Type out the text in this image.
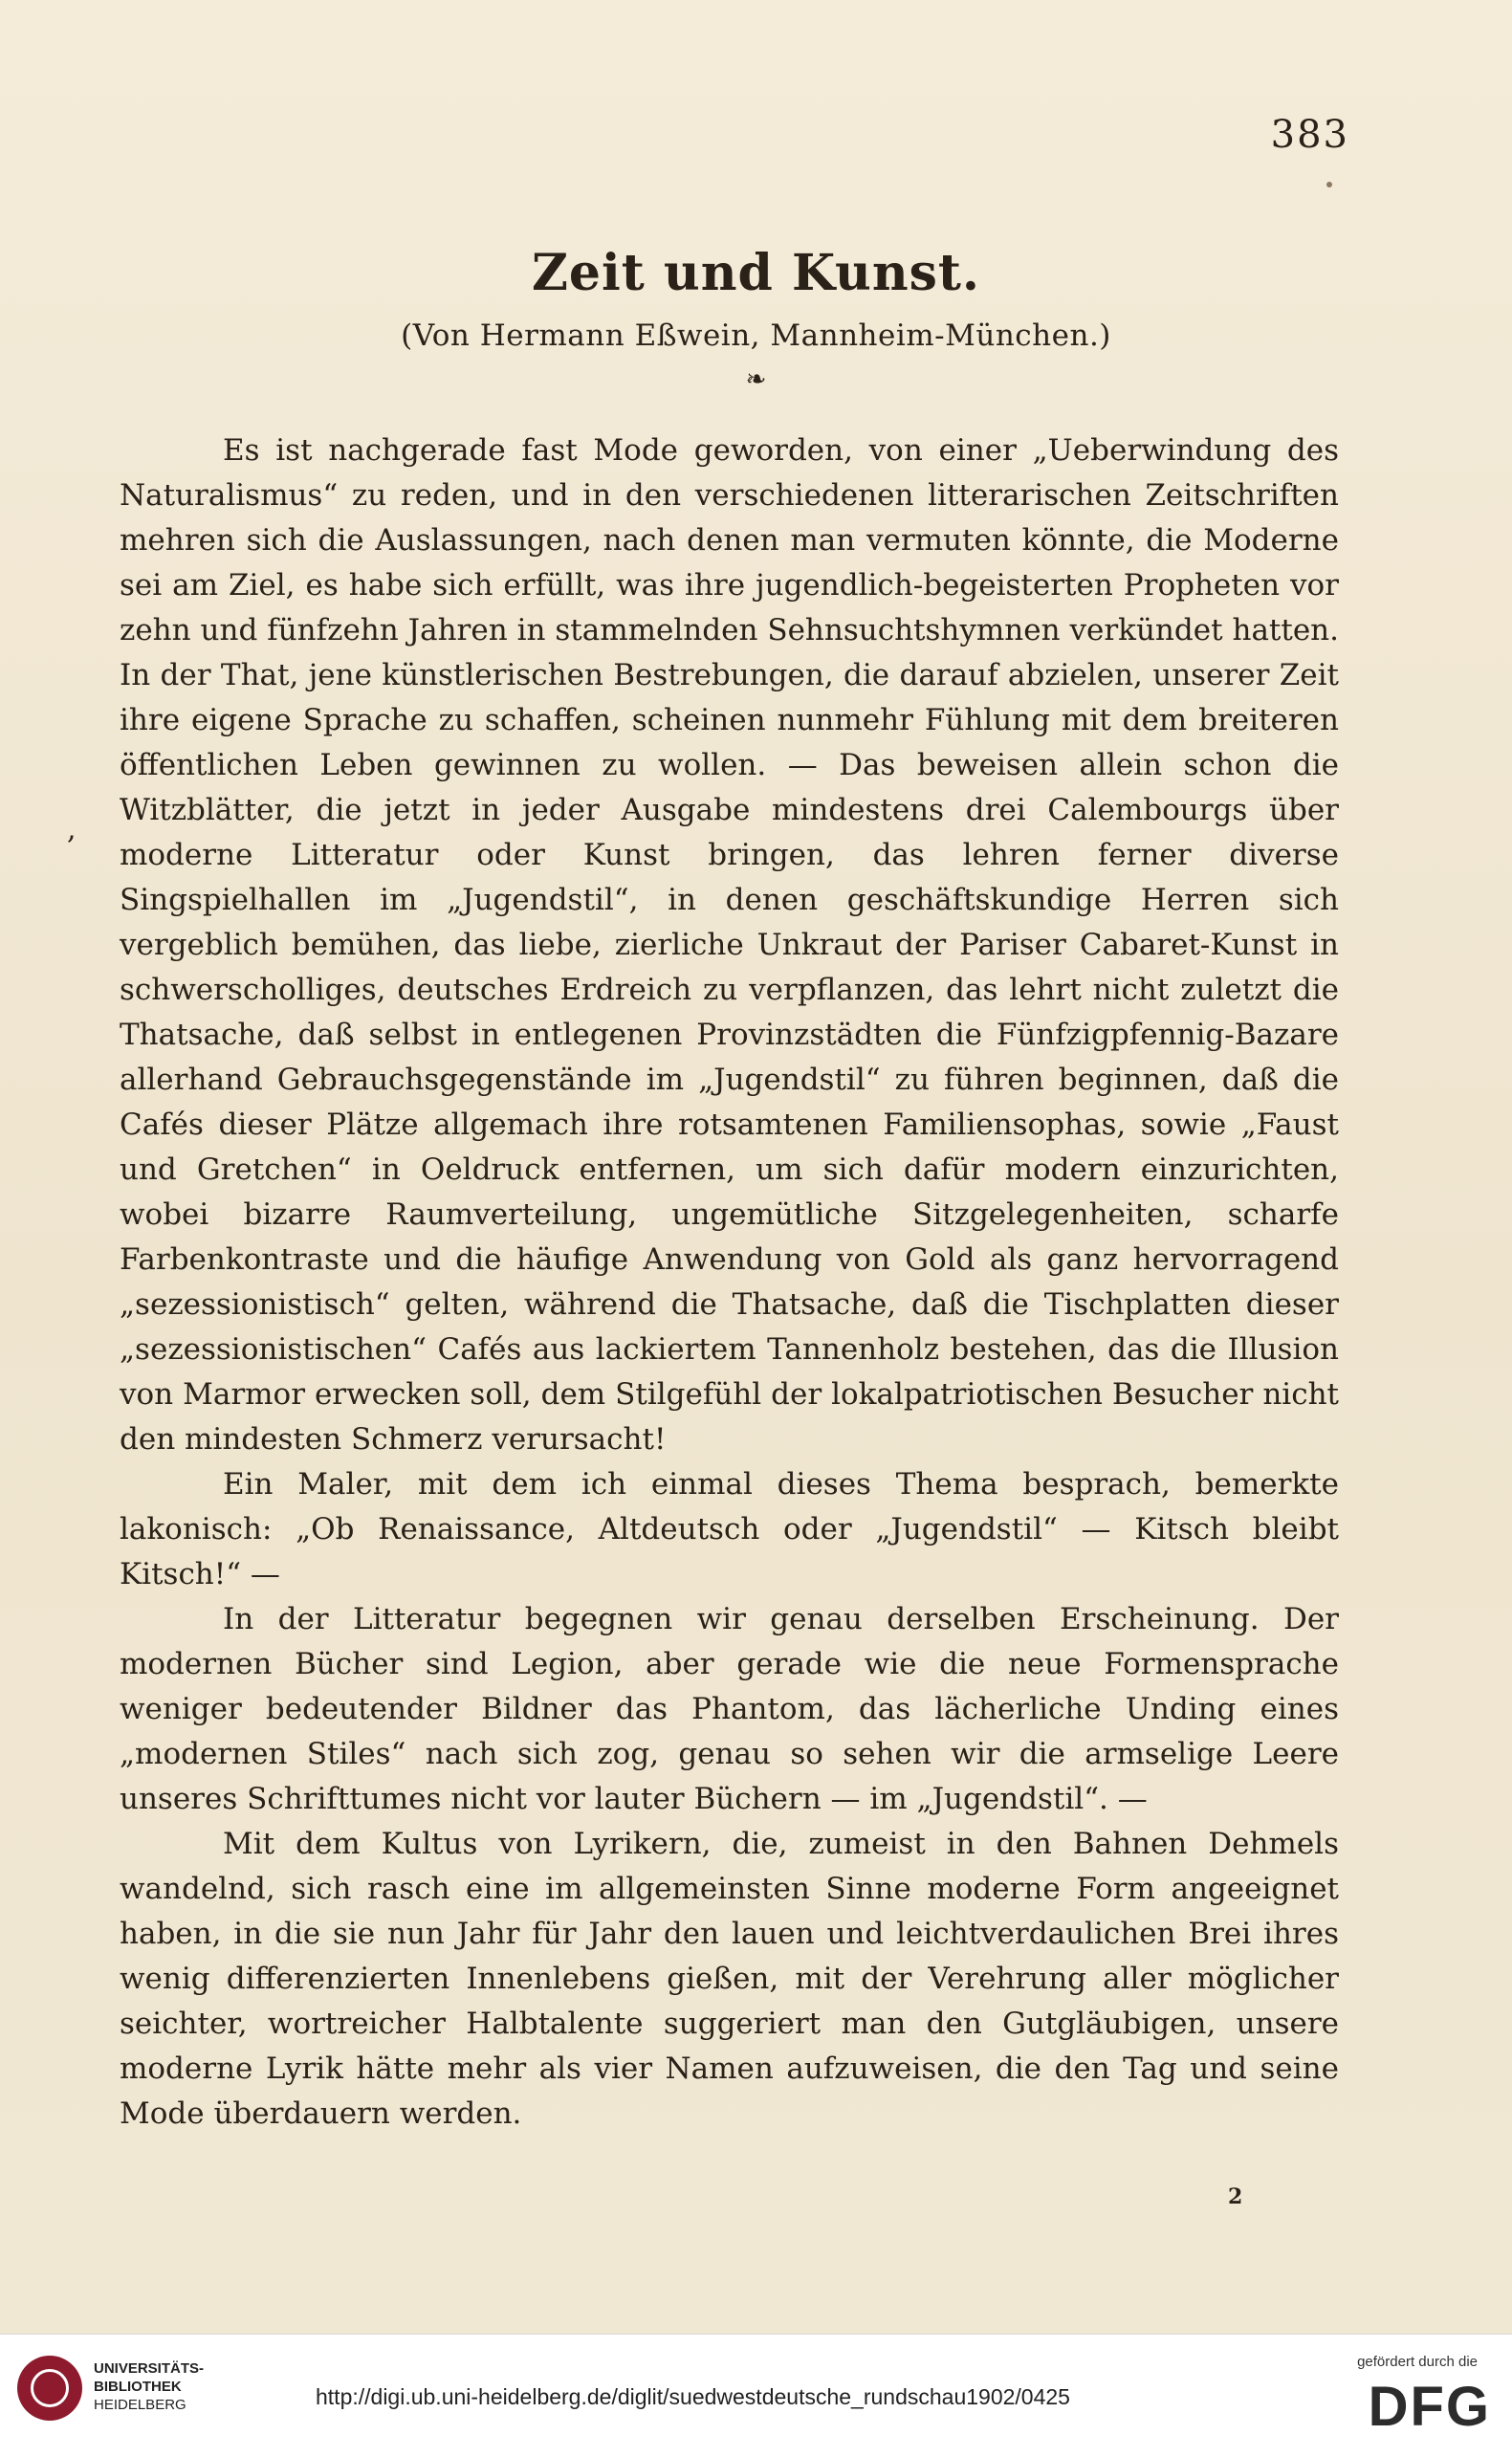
383
Zeit und Kunst.
(Von Hermann Eßwein, Mannheim-München.)
❧
,

Es ist nachgerade fast Mode geworden, von einer „Ueberwindung des Naturalismus“ zu reden, und in den verschiedenen litterarischen Zeitschriften mehren sich die Auslassungen, nach denen man vermuten könnte, die Moderne sei am Ziel, es habe sich erfüllt, was ihre jugendlich-begeisterten Propheten vor zehn und fünfzehn Jahren in stammelnden Sehnsuchtshymnen verkündet hatten. In der That, jene künstlerischen Bestrebungen, die darauf abzielen, unserer Zeit ihre eigene Sprache zu schaffen, scheinen nunmehr Fühlung mit dem breiteren öffentlichen Leben gewinnen zu wollen. — Das beweisen allein schon die Witzblätter, die jetzt in jeder Ausgabe mindestens drei Calembourgs über moderne Litteratur oder Kunst bringen, das lehren ferner diverse Singspielhallen im „Jugendstil“, in denen geschäftskundige Herren sich vergeblich bemühen, das liebe, zierliche Unkraut der Pariser Cabaret-Kunst in schwerscholliges, deutsches Erdreich zu verpflanzen, das lehrt nicht zuletzt die Thatsache, daß selbst in entlegenen Provinzstädten die Fünfzigpfennig-Bazare allerhand Gebrauchsgegenstände im „Jugendstil“ zu führen beginnen, daß die Cafés dieser Plätze allgemach ihre rotsamtenen Familiensophas, sowie „Faust und Gretchen“ in Oeldruck entfernen, um sich dafür modern einzurichten, wobei bizarre Raumverteilung, ungemütliche Sitzgelegenheiten, scharfe Farbenkontraste und die häufige Anwendung von Gold als ganz hervorragend „sezessionistisch“ gelten, während die Thatsache, daß die Tischplatten dieser „sezessionistischen“ Cafés aus lackiertem Tannenholz bestehen, das die Illusion von Marmor erwecken soll, dem Stilgefühl der lokalpatriotischen Besucher nicht den mindesten Schmerz verursacht!

Ein Maler, mit dem ich einmal dieses Thema besprach, bemerkte lakonisch: „Ob Renaissance, Altdeutsch oder „Jugendstil“ — Kitsch bleibt Kitsch!“ —

In der Litteratur begegnen wir genau derselben Erscheinung. Der modernen Bücher sind Legion, aber gerade wie die neue Formensprache weniger bedeutender Bildner das Phantom, das lächerliche Unding eines „modernen Stiles“ nach sich zog, genau so sehen wir die armselige Leere unseres Schrifttumes nicht vor lauter Büchern — im „Jugendstil“. —

Mit dem Kultus von Lyrikern, die, zumeist in den Bahnen Dehmels wandelnd, sich rasch eine im allgemeinsten Sinne moderne Form angeeignet haben, in die sie nun Jahr für Jahr den lauen und leichtverdaulichen Brei ihres wenig differenzierten Innenlebens gießen, mit der Verehrung aller möglicher seichter, wortreicher Halbtalente suggeriert man den Gutgläubigen, unsere moderne Lyrik hätte mehr als vier Namen aufzuweisen, die den Tag und seine Mode überdauern werden.

2
UNIVERSITÄTS-
BIBLIOTHEK
HEIDELBERG	http://digi.ub.uni-heidelberg.de/diglit/suedwestdeutsche_rundschau1902/0425
gefördert durch die
DFG
